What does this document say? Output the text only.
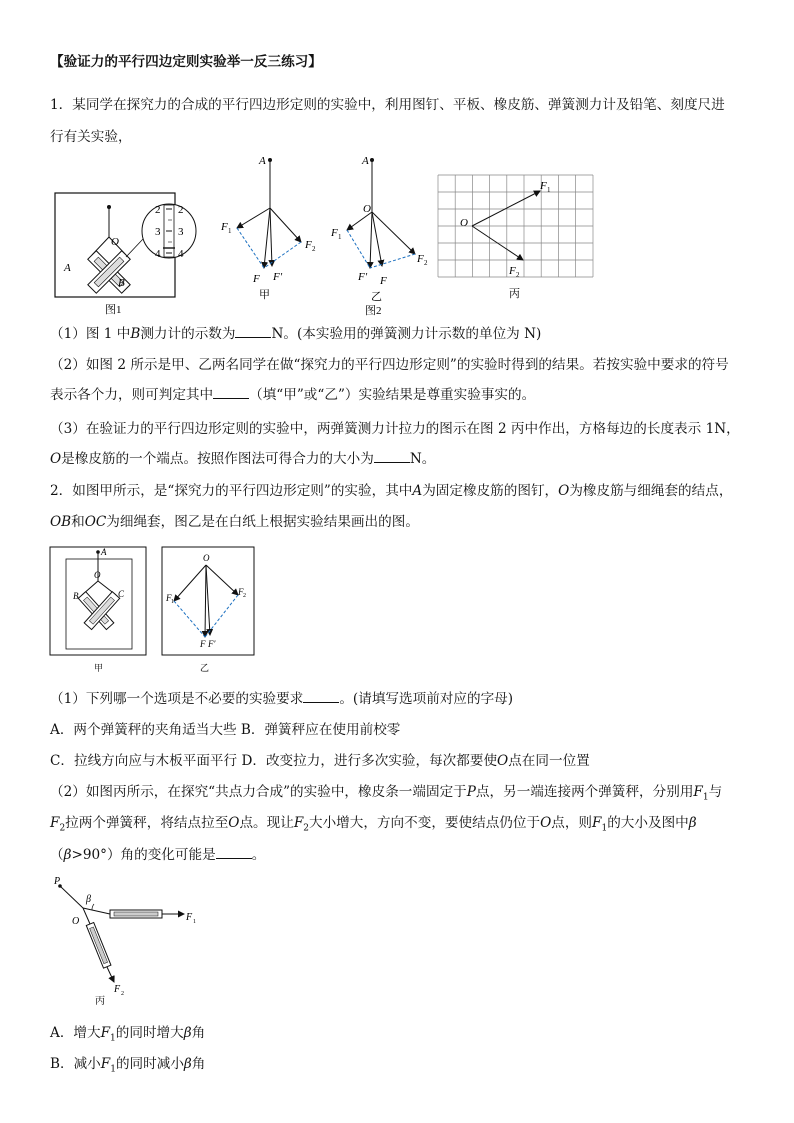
【验证力的平行四边定则实验举一反三练习】
1．某同学在探究力的合成的平行四边形定则的实验中，利用图钉、平板、橡皮筋、弹簧测力计及铅笔、刻度尺进
行有关实验，
O
A
B
2
3
4
2
3
4
图1
A
F 1
F 2
F F′
甲
A
O
F 1
F 2
F′ F
乙
图2
O
F 1
F 2
丙
（1）图 1 中B测力计的示数为	N。(本实验用的弹簧测力计示数的单位为 N)
（2）如图 2 所示是甲、乙两名同学在做“探究力的平行四边形定则”的实验时得到的结果。若按实验中要求的符号
表示各个力，则可判定其中	（填“甲”或“乙”）实验结果是尊重实验事实的。
（3）在验证力的平行四边形定则的实验中，两弹簧测力计拉力的图示在图 2 丙中作出，方格每边的长度表示 1N，
O是橡皮筋的一个端点。按照作图法可得合力的大小为	N。
2．如图甲所示，是“探究力的平行四边形定则”的实验，其中A为固定橡皮筋的图钉，O为橡皮筋与细绳套的结点，
OB和OC为细绳套，图乙是在白纸上根据实验结果画出的图。
A
O
B	C
甲
O
F 1
F 2
F F′
乙
（1）下列哪一个选项是不必要的实验要求	。(请填写选项前对应的字母)
A．两个弹簧秤的夹角适当大些 B．弹簧秤应在使用前校零
C．拉线方向应与木板平面平行 D．改变拉力，进行多次实验，每次都要使O点在同一位置
（2）如图丙所示，在探究“共点力合成”的实验中，橡皮条一端固定于P点，另一端连接两个弹簧秤，分别用$F_1$与
$F_2$拉两个弹簧秤，将结点拉至O点。现让$F_2$大小增大，方向不变，要使结点仍位于O点，则$F_1$的大小及图中β
（β>90°）角的变化可能是	。
P
β
O	F 1
F 2
丙
A．增大$F_1$的同时增大β角
B．减小$F_1$的同时减小β角
